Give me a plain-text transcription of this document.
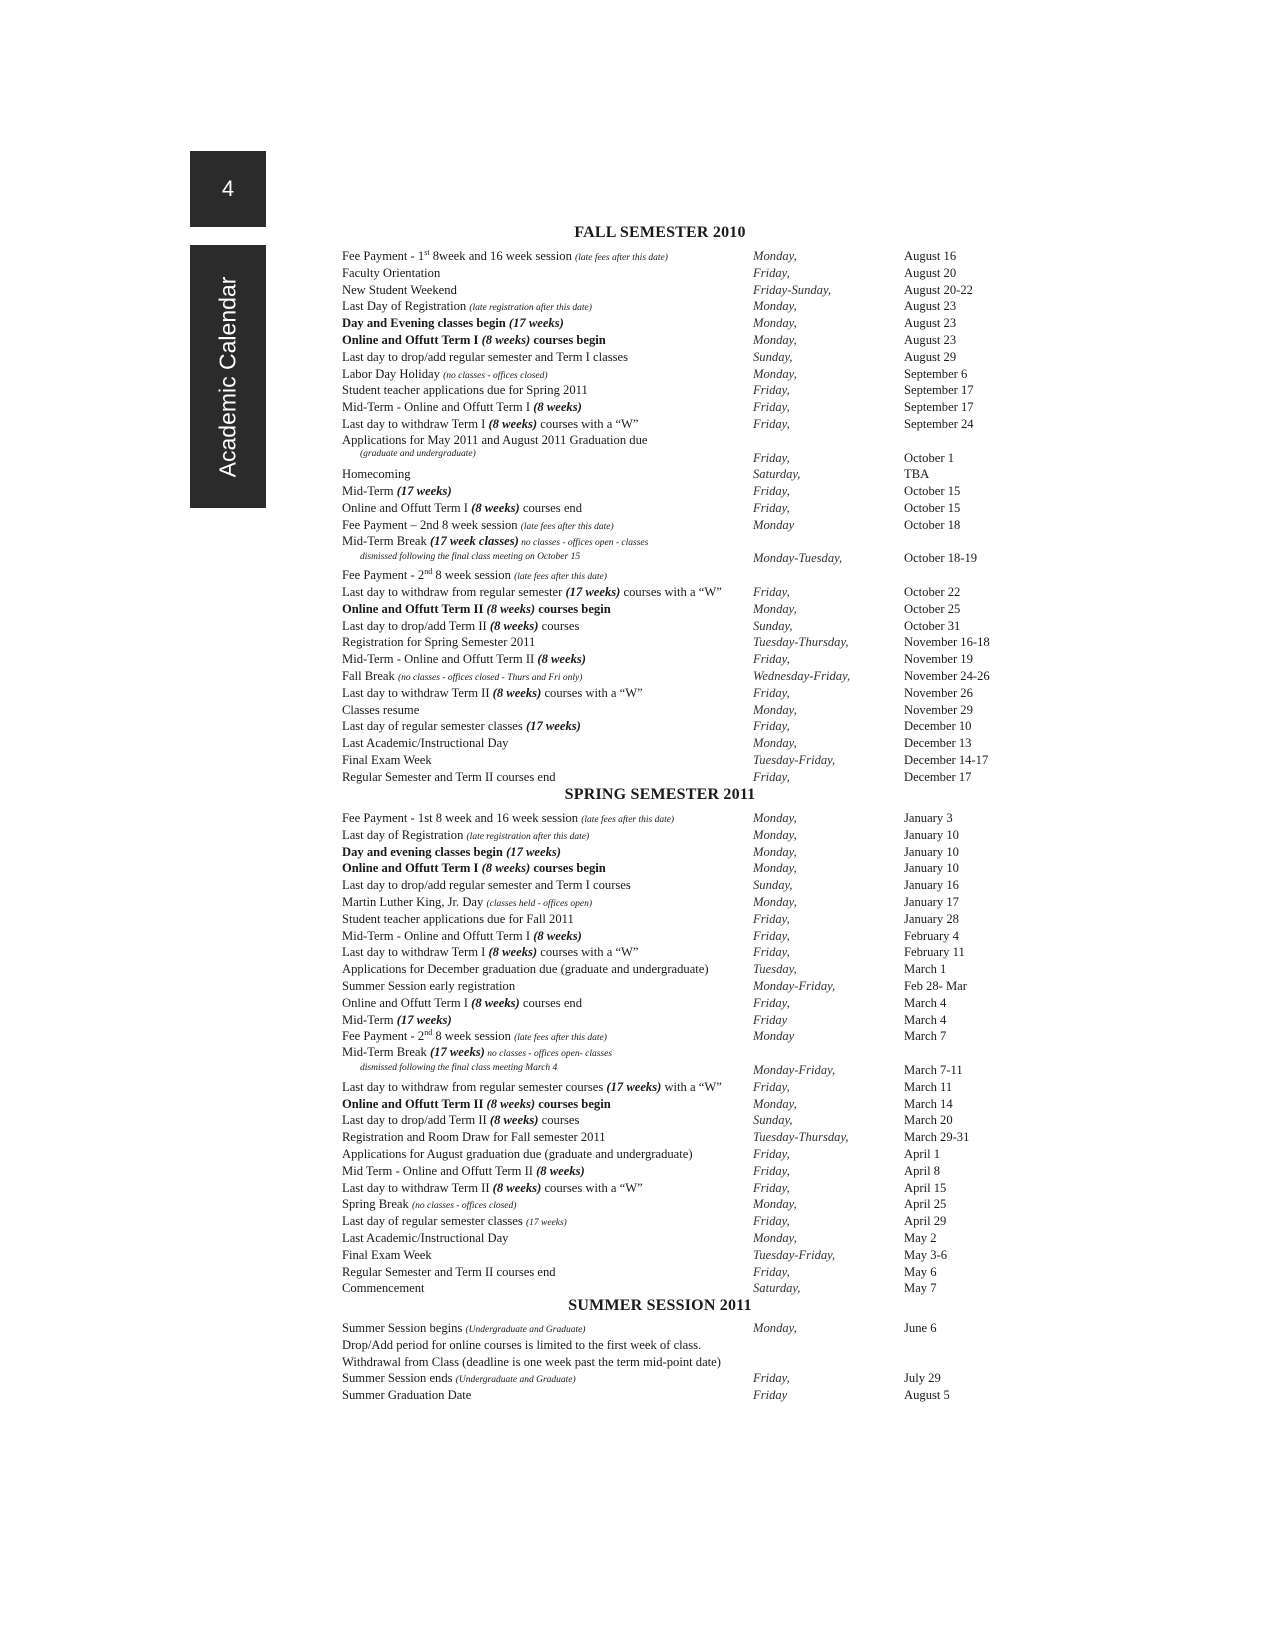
4
Academic Calendar
FALL SEMESTER 2010
Fee Payment - 1st 8week and 16 week session (late fees after this date)	Monday,	August 16
Faculty Orientation	Friday,	August 20
New Student Weekend	Friday-Sunday,	August 20-22
Last Day of Registration (late registration after this date)	Monday,	August 23
Day and Evening classes begin (17 weeks)	Monday,	August 23
Online and Offutt Term I (8 weeks) courses begin	Monday,	August 23
Last day to drop/add regular semester and Term I classes	Sunday,	August 29
Labor Day Holiday (no classes - offices closed)	Monday,	September 6
Student teacher applications due for Spring 2011	Friday,	September 17
Mid-Term - Online and Offutt Term I (8 weeks)	Friday,	September 17
Last day to withdraw Term I (8 weeks) courses with a “W”	Friday,	September 24
Applications for May 2011 and August 2011 Graduation due
(graduate and undergraduate)	Friday,	October 1
Homecoming	Saturday,	TBA
Mid-Term (17 weeks)	Friday,	October 15
Online and Offutt Term I (8 weeks) courses end	Friday,	October 15
Fee Payment – 2nd 8 week session (late fees after this date)	Monday	October 18
Mid-Term Break (17 week classes) no classes - offices open - classes
dismissed following the final class meeting on October 15	Monday-Tuesday,	October 18-19
Fee Payment - 2nd 8 week session (late fees after this date)
Last day to withdraw from regular semester (17 weeks) courses with a “W”	Friday,	October 22
Online and Offutt Term II (8 weeks) courses begin	Monday,	October 25
Last day to drop/add Term II (8 weeks) courses	Sunday,	October 31
Registration for Spring Semester 2011	Tuesday-Thursday,	November 16-18
Mid-Term - Online and Offutt Term II (8 weeks)	Friday,	November 19
Fall Break (no classes - offices closed - Thurs and Fri only)	Wednesday-Friday,	November 24-26
Last day to withdraw Term II (8 weeks) courses with a “W”	Friday,	November 26
Classes resume	Monday,	November 29
Last day of regular semester classes (17 weeks)	Friday,	December 10
Last Academic/Instructional Day	Monday,	December 13
Final Exam Week	Tuesday-Friday,	December 14-17
Regular Semester and Term II courses end	Friday,	December 17
SPRING SEMESTER 2011
Fee Payment - 1st 8 week and 16 week session (late fees after this date)	Monday,	January 3
Last day of Registration (late registration after this date)	Monday,	January 10
Day and evening classes begin (17 weeks)	Monday,	January 10
Online and Offutt Term I (8 weeks) courses begin	Monday,	January 10
Last day to drop/add regular semester and Term I courses	Sunday,	January 16
Martin Luther King, Jr. Day (classes held - offices open)	Monday,	January 17
Student teacher applications due for Fall 2011	Friday,	January 28
Mid-Term - Online and Offutt Term I (8 weeks)	Friday,	February 4
Last day to withdraw Term I (8 weeks) courses with a “W”	Friday,	February 11
Applications for December graduation due (graduate and undergraduate)	Tuesday,	March 1
Summer Session early registration	Monday-Friday,	Feb 28- Mar
Online and Offutt Term I (8 weeks) courses end	Friday,	March 4
Mid-Term (17 weeks)	Friday	March 4
Fee Payment - 2nd 8 week session (late fees after this date)	Monday	March 7
Mid-Term Break (17 weeks) no classes - offices open- classes
dismissed following the final class meeting March 4	Monday-Friday,	March 7-11
Last day to withdraw from regular semester courses (17 weeks) with a “W”	Friday,	March 11
Online and Offutt Term II (8 weeks) courses begin	Monday,	March 14
Last day to drop/add Term II (8 weeks) courses	Sunday,	March 20
Registration and Room Draw for Fall semester 2011	Tuesday-Thursday,	March 29-31
Applications for August graduation due (graduate and undergraduate)	Friday,	April 1
Mid Term - Online and Offutt Term II (8 weeks)	Friday,	April 8
Last day to withdraw Term II (8 weeks) courses with a “W”	Friday,	April 15
Spring Break (no classes - offices closed)	Monday,	April 25
Last day of regular semester classes (17 weeks)	Friday,	April 29
Last Academic/Instructional Day	Monday,	May 2
Final Exam Week	Tuesday-Friday,	May 3-6
Regular Semester and Term II courses end	Friday,	May 6
Commencement	Saturday,	May 7
SUMMER SESSION 2011
Summer Session begins (Undergraduate and Graduate)	Monday,	June 6
Drop/Add period for online courses is limited to the first week of class.
Withdrawal from Class (deadline is one week past the term mid-point date)
Summer Session ends (Undergraduate and Graduate)	Friday,	July 29
Summer Graduation Date	Friday	August 5
